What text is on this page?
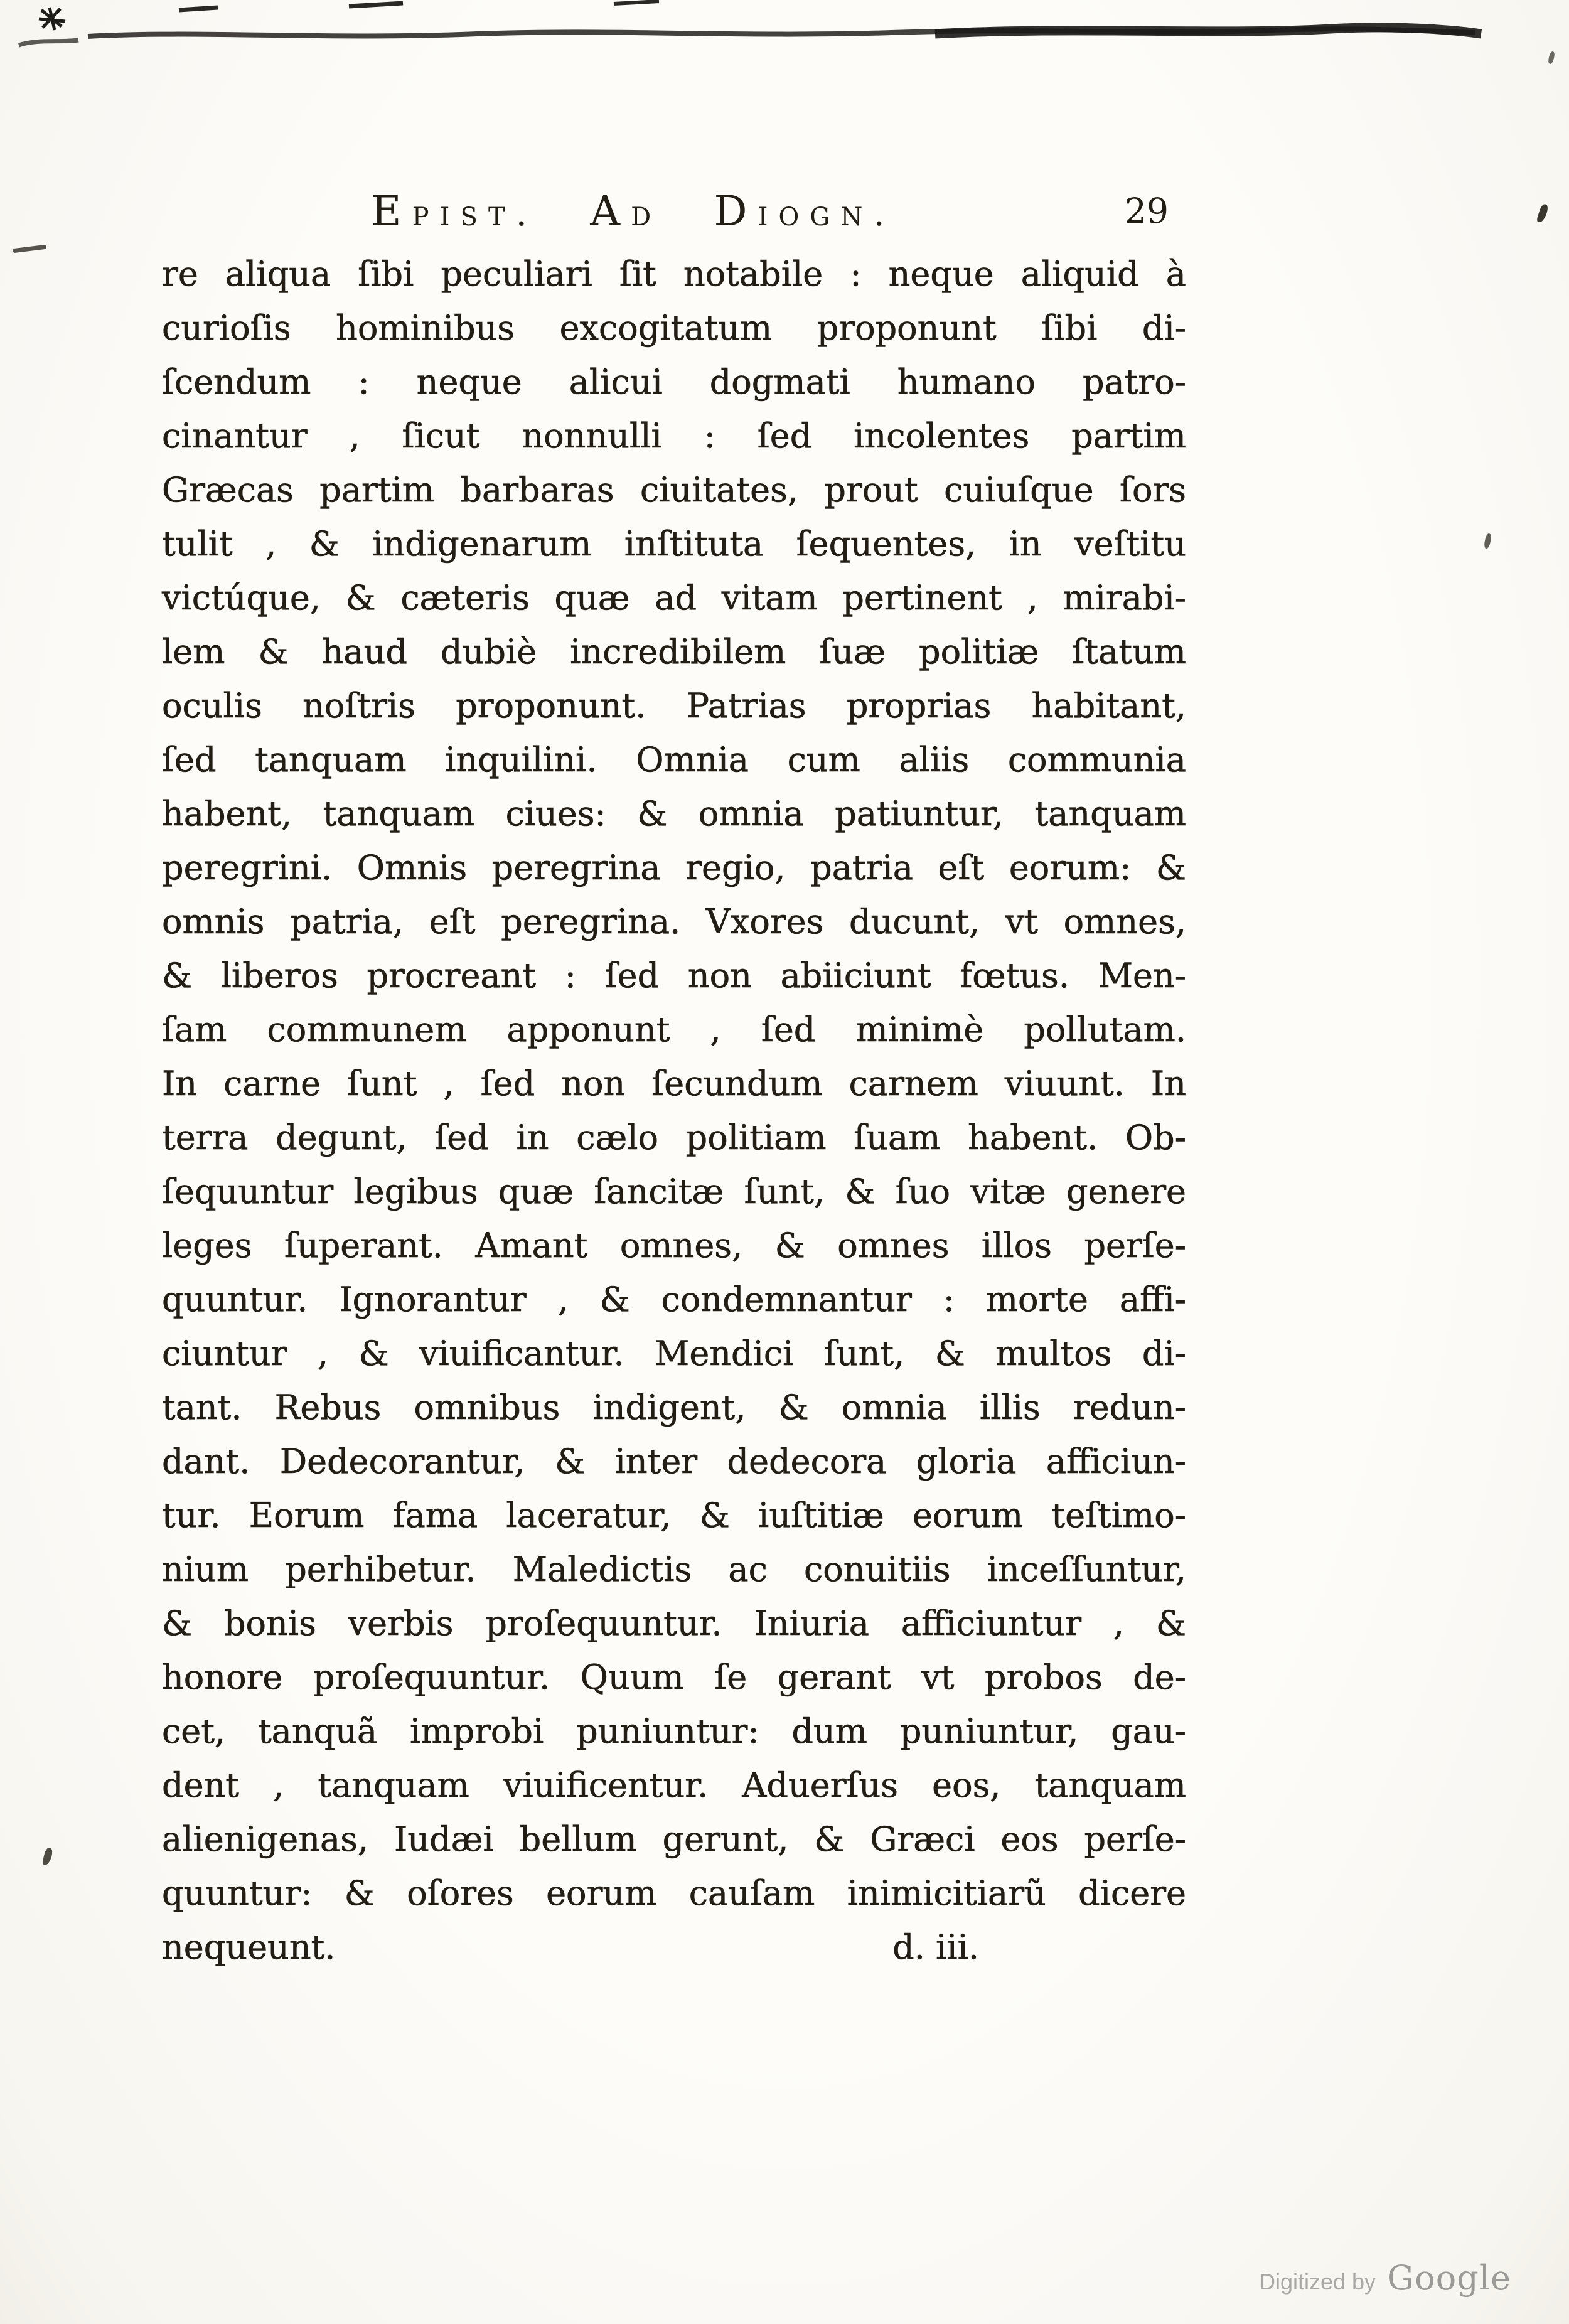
Epist. Ad Diogn.	29
re aliqua ſibi peculiari ſit notabile : neque aliquid à
curioſis hominibus excogitatum proponunt ſibi di-
ſcendum : neque alicui dogmati humano patro-
cinantur , ſicut nonnulli : ſed incolentes partim
Græcas partim barbaras ciuitates, prout cuiuſque ſors
tulit , & indigenarum inſtituta ſequentes, in veſtitu
victúque, & cæteris quæ ad vitam pertinent , mirabi-
lem & haud dubiè incredibilem ſuæ politiæ ſtatum
oculis noſtris proponunt. Patrias proprias habitant,
ſed tanquam inquilini. Omnia cum aliis communia
habent, tanquam ciues: & omnia patiuntur, tanquam
peregrini. Omnis peregrina regio, patria eſt eorum: &
omnis patria, eſt peregrina. Vxores ducunt, vt omnes,
& liberos procreant : ſed non abiiciunt fœtus. Men-
ſam communem apponunt , ſed minimè pollutam.
In carne ſunt , ſed non ſecundum carnem viuunt. In
terra degunt, ſed in cælo politiam ſuam habent. Ob-
ſequuntur legibus quæ ſancitæ ſunt, & ſuo vitæ genere
leges ſuperant. Amant omnes, & omnes illos perſe-
quuntur. Ignorantur , & condemnantur : morte affi-
ciuntur , & viuificantur. Mendici ſunt, & multos di-
tant. Rebus omnibus indigent, & omnia illis redun-
dant. Dedecorantur, & inter dedecora gloria afficiun-
tur. Eorum fama laceratur, & iuſtitiæ eorum teſtimo-
nium perhibetur. Maledictis ac conuitiis inceſſuntur,
& bonis verbis proſequuntur. Iniuria afficiuntur , &
honore proſequuntur. Quum ſe gerant vt probos de-
cet, tanquã improbi puniuntur: dum puniuntur, gau-
dent , tanquam viuificentur. Aduerſus eos, tanquam
alienigenas, Iudæi bellum gerunt, & Græci eos perſe-
quuntur: & oſores eorum cauſam inimicitiarũ dicere
nequeunt.	d. iii.
Digitized by Google
